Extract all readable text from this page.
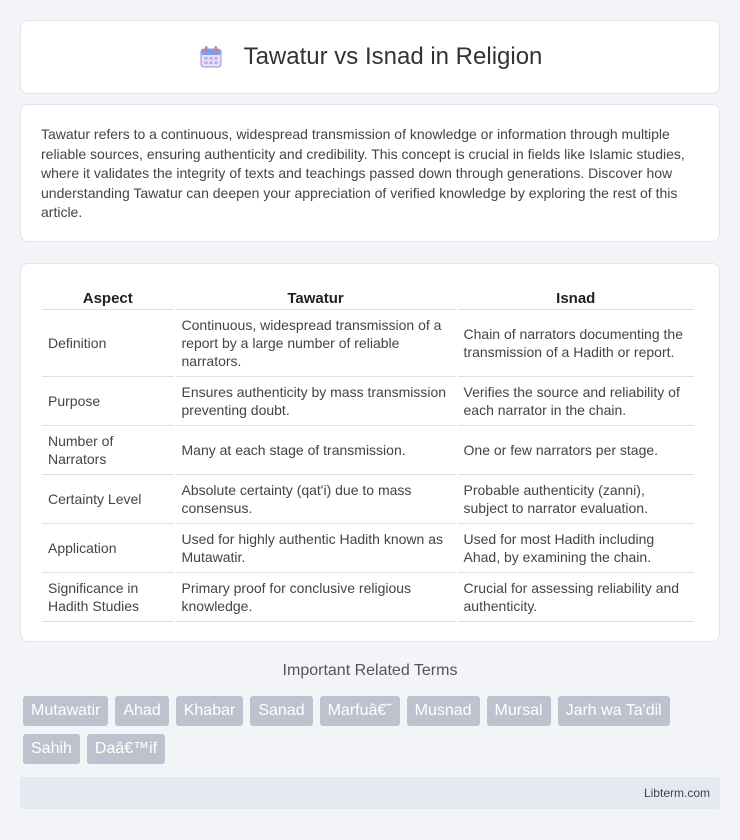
Tawatur vs Isnad in Religion

Tawatur refers to a continuous, widespread transmission of knowledge or information through multiple reliable sources, ensuring authenticity and credibility. This concept is crucial in fields like Islamic studies, where it validates the integrity of texts and teachings passed down through generations. Discover how understanding Tawatur can deepen your appreciation of verified knowledge by exploring the rest of this article.

Aspect	Tawatur	Isnad
Definition	Continuous, widespread transmission of a report by a large number of reliable narrators.	Chain of narrators documenting the transmission of a Hadith or report.
Purpose	Ensures authenticity by mass transmission preventing doubt.	Verifies the source and reliability of each narrator in the chain.
Number of Narrators	Many at each stage of transmission.	One or few narrators per stage.
Certainty Level	Absolute certainty (qat'i) due to mass consensus.	Probable authenticity (zanni), subject to narrator evaluation.
Application	Used for highly authentic Hadith known as Mutawatir.	Used for most Hadith including Ahad, by examining the chain.
Significance in Hadith Studies	Primary proof for conclusive religious knowledge.	Crucial for assessing reliability and authenticity.
Important Related Terms
Mutawatir	Ahad	Khabar	Sanad	Marfuâ€˜	Musnad	Mursal	Jarh wa Ta'dil
Sahih	Daâ€™if
Libterm.com
